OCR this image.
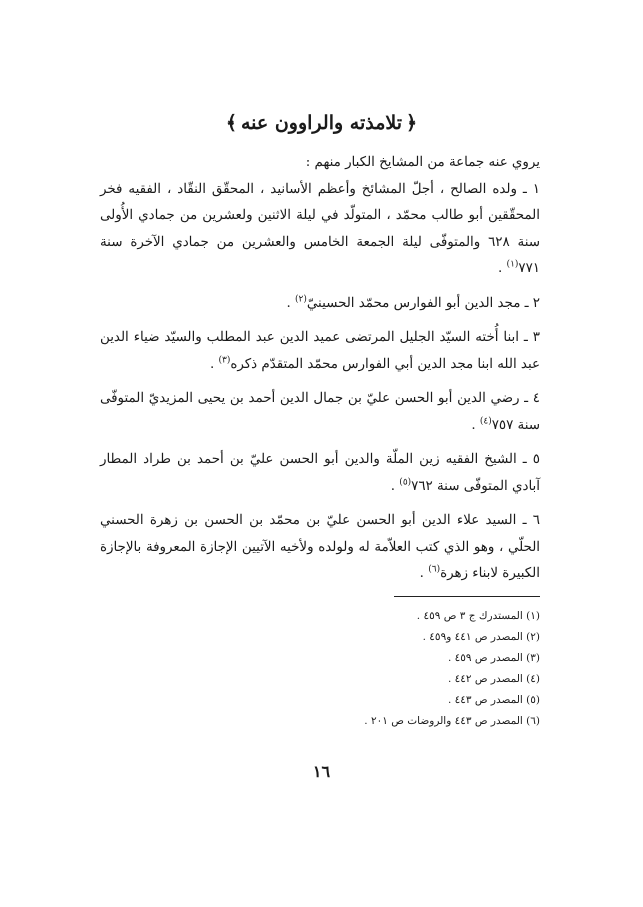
﴿تلامذته والراوون عنه﴾

يروي عنه جماعة من المشايخ الكبار منهم :

١ ـ ولده الصالح ، أجلّ المشائخ وأعظم الأسانيد ، المحقّق النقّاد ، الفقيه فخر المحقّقين أبو طالب محمّد ، المتولّد في ليلة الاثنين ولعشرين من جمادي الأُولى سنة ٦٢٨ والمتوفّى ليلة الجمعة الخامس والعشرين من جمادي الآخرة سنة ٧٧١$^{(١)}$ .

٢ ـ مجد الدين أبو الفوارس محمّد الحسينيّ$^{(٢)}$ .

٣ ـ ابنا أُخته السيّد الجليل المرتضى عميد الدين عبد المطلب والسيّد ضياء الدين عبد الله ابنا مجد الدين أبي الفوارس محمّد المتقدّم ذكره$^{(٣)}$ .

٤ ـ رضي الدين أبو الحسن عليّ بن جمال الدين أحمد بن يحيى المزيديّ المتوفّى سنة ٧٥٧$^{(٤)}$ .

٥ ـ الشيخ الفقيه زين الملّة والدين أبو الحسن عليّ بن أحمد بن طراد المطار آبادي المتوفّى سنة ٧٦٢$^{(٥)}$ .

٦ ـ السيد علاء الدين أبو الحسن عليّ بن محمّد بن الحسن بن زهرة الحسني الحلّي ، وهو الذي كتب العلاّمة له ولولده ولأخيه الآتيين الإجازة المعروفة بالإجازة الكبيرة لابناء زهرة$^{(٦)}$ .

(١) المستدرك ج ٣ ص ٤٥٩ .
(٢) المصدر ص ٤٤١ و٤٥٩ .
(٣) المصدر ص ٤٥٩ .
(٤) المصدر ص ٤٤٢ .
(٥) المصدر ص ٤٤٣ .
(٦) المصدر ص ٤٤٣ والروضات ص ٢٠١ .
١٦
